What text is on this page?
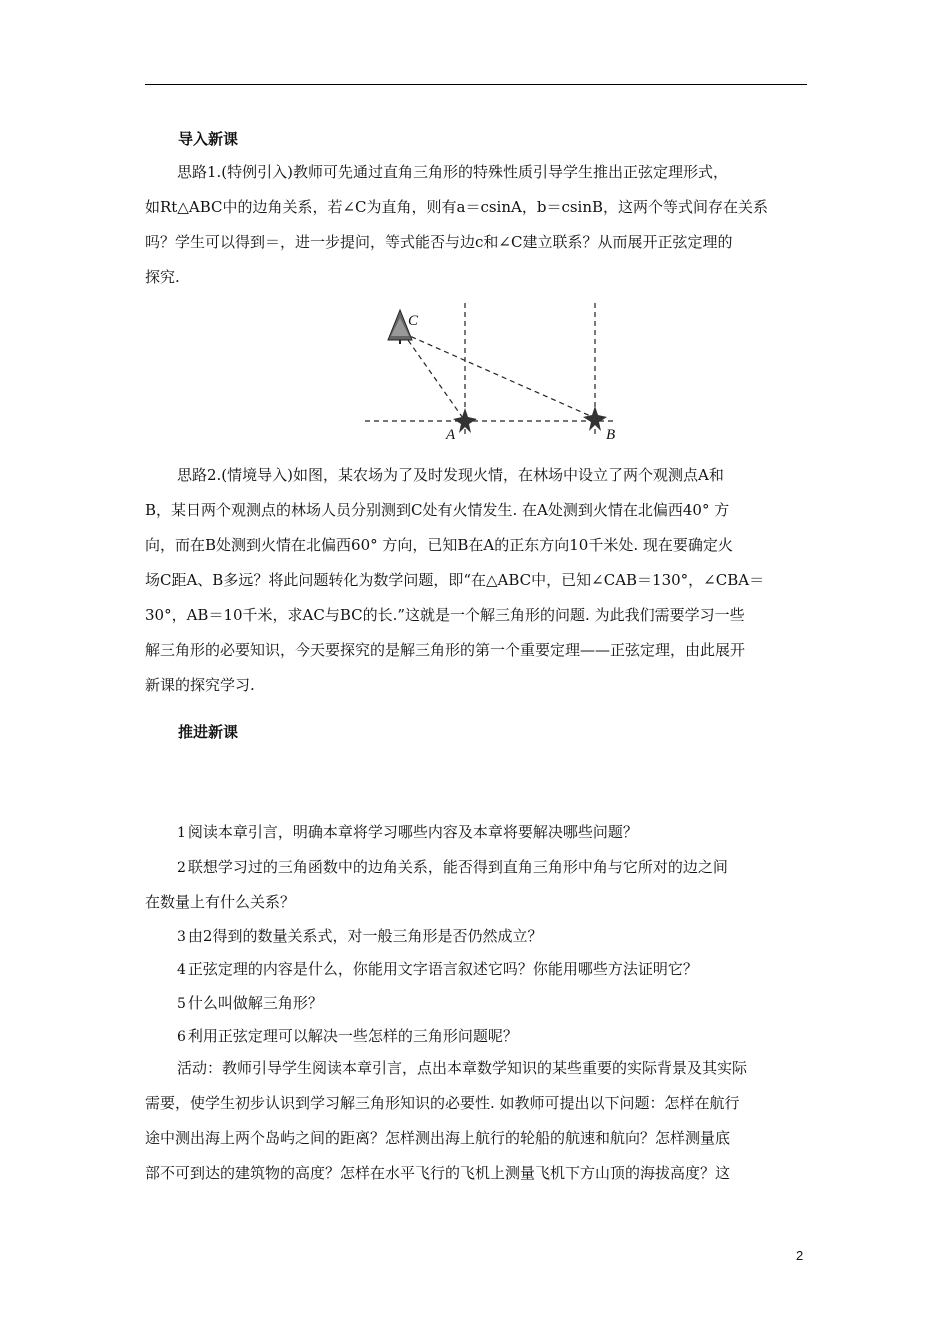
导入新课
思路1.(特例引入)教师可先通过直角三角形的特殊性质引导学生推出正弦定理形式，
如Rt△ABC中的边角关系，若∠C为直角，则有a＝csinA，b＝csinB，这两个等式间存在关系
吗？学生可以得到＝，进一步提问，等式能否与边c和∠C建立联系？从而展开正弦定理的
探究.
C
A	B
思路2.(情境导入)如图，某农场为了及时发现火情，在林场中设立了两个观测点A和
B，某日两个观测点的林场人员分别测到C处有火情发生. 在A处测到火情在北偏西40° 方
向，而在B处测到火情在北偏西60° 方向，已知B在A的正东方向10千米处. 现在要确定火
场C距A、B多远？将此问题转化为数学问题，即“在△ABC中，已知∠CAB＝130°，∠CBA＝
30°，AB＝10千米，求AC与BC的长.”这就是一个解三角形的问题. 为此我们需要学习一些
解三角形的必要知识，今天要探究的是解三角形的第一个重要定理——正弦定理，由此展开
新课的探究学习.
推进新课
1 阅读本章引言，明确本章将学习哪些内容及本章将要解决哪些问题？
2 联想学习过的三角函数中的边角关系，能否得到直角三角形中角与它所对的边之间
在数量上有什么关系？
3 由2得到的数量关系式，对一般三角形是否仍然成立？
4 正弦定理的内容是什么，你能用文字语言叙述它吗？你能用哪些方法证明它？
5 什么叫做解三角形？
6 利用正弦定理可以解决一些怎样的三角形问题呢？
活动：教师引导学生阅读本章引言，点出本章数学知识的某些重要的实际背景及其实际
需要，使学生初步认识到学习解三角形知识的必要性. 如教师可提出以下问题：怎样在航行
途中测出海上两个岛屿之间的距离？怎样测出海上航行的轮船的航速和航向？怎样测量底
部不可到达的建筑物的高度？怎样在水平飞行的飞机上测量飞机下方山顶的海拔高度？这
2
